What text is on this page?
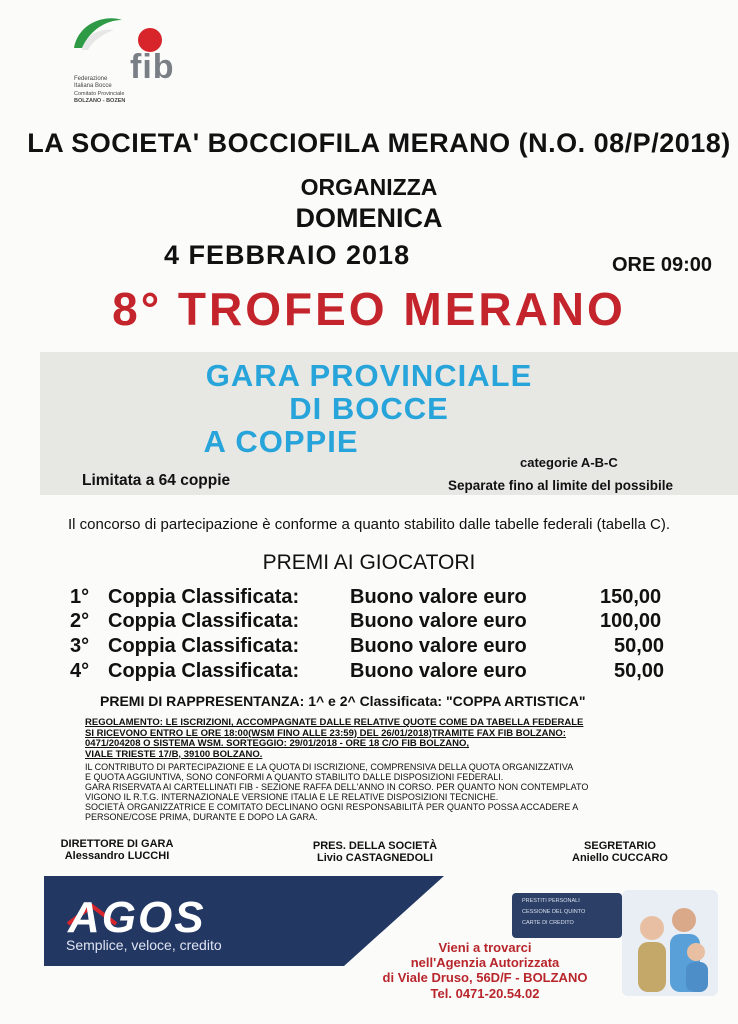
Federazione
Italiana Bocce
Comitato Provinciale
BOLZANO - BOZEN
fib
LA SOCIETA' BOCCIOFILA MERANO (N.O. 08/P/2018)
ORGANIZZA
DOMENICA
4 FEBBRAIO 2018	ORE 09:00
8° TROFEO MERANO
GARA PROVINCIALE
DI BOCCE
A COPPIE
Limitata a 64 coppie
categorie A-B-C
Separate fino al limite del possibile
Il concorso di partecipazione è conforme a quanto stabilito dalle tabelle federali (tabella C).
PREMI AI GIOCATORI
1° Coppia Classificata:	Buono valore euro	150,00
2° Coppia Classificata:	Buono valore euro	100,00
3° Coppia Classificata:	Buono valore euro	50,00
4° Coppia Classificata:	Buono valore euro	50,00
PREMI DI RAPPRESENTANZA: 1^ e 2^ Classificata: "COPPA ARTISTICA"
REGOLAMENTO: LE ISCRIZIONI, ACCOMPAGNATE DALLE RELATIVE QUOTE COME DA TABELLA FEDERALE
SI RICEVONO ENTRO LE ORE 18:00(WSM FINO ALLE 23:59) DEL 26/01/2018)TRAMITE FAX FIB BOLZANO:
0471/204208 O SISTEMA WSM. SORTEGGIO: 29/01/2018 - ORE 18 C/O FIB BOLZANO,
VIALE TRIESTE 17/B, 39100 BOLZANO.
IL CONTRIBUTO DI PARTECIPAZIONE E LA QUOTA DI ISCRIZIONE, COMPRENSIVA DELLA QUOTA ORGANIZZATIVA
E QUOTA AGGIUNTIVA, SONO CONFORMI A QUANTO STABILITO DALLE DISPOSIZIONI FEDERALI.
GARA RISERVATA AI CARTELLINATI FIB - SEZIONE RAFFA DELL'ANNO IN CORSO. PER QUANTO NON CONTEMPLATO
VIGONO IL R.T.G. INTERNAZIONALE VERSIONE ITALIA E LE RELATIVE DISPOSIZIONI TECNICHE.
SOCIETÀ ORGANIZZATRICE E COMITATO DECLINANO OGNI RESPONSABILITÀ PER QUANTO POSSA ACCADERE A
PERSONE/COSE PRIMA, DURANTE E DOPO LA GARA.
DIRETTORE DI GARA
Alessandro LUCCHI
PRES. DELLA SOCIETÀ
Livio CASTAGNEDOLI
SEGRETARIO
Aniello CUCCARO
AGOS
Semplice, veloce, credito
PRESTITI PERSONALI
CESSIONE DEL QUINTO
CARTE DI CREDITO
Vieni a trovarci
nell'Agenzia Autorizzata
di Viale Druso, 56D/F - BOLZANO
Tel. 0471-20.54.02
